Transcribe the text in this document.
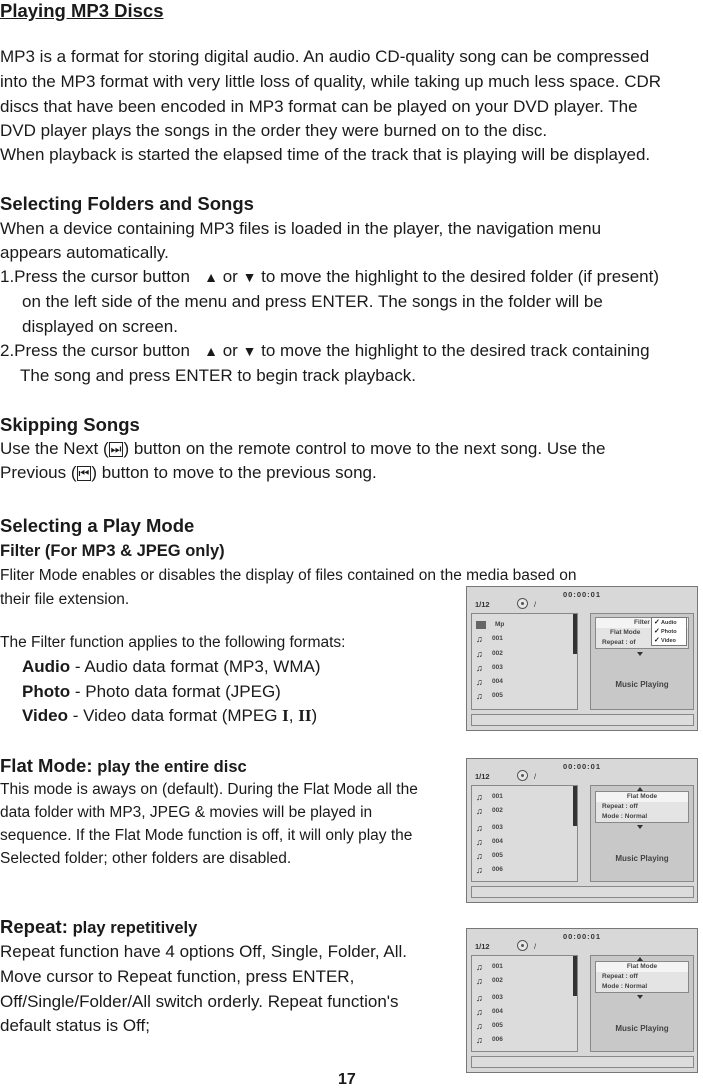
Playing MP3 Discs
MP3 is a format for storing digital audio. An audio CD-quality song can be compressed
into the MP3 format with very little loss of quality, while taking up much less space. CDR
discs that have been encoded in MP3 format can be played on your DVD player. The
DVD player plays the songs in the order they were burned on to the disc.
When playback is started the elapsed time of the track that is playing will be displayed.
Selecting Folders and Songs
When a device containing MP3 files is loaded in the player, the navigation menu
appears automatically.
1.Press the cursor button ▲ or ▼ to move the highlight to the desired folder (if present)
on the left side of the menu and press ENTER. The songs in the folder will be
displayed on screen.
2.Press the cursor button ▲ or ▼ to move the highlight to the desired track containing
The song and press ENTER to begin track playback.
Skipping Songs
Use the Next ( ⏭ ) button on the remote control to move to the next song. Use the
Previous ( ⏮ ) button to move to the previous song.
Selecting a Play Mode
Filter (For MP3 & JPEG only)
Fliter Mode enables or disables the display of files contained on the media based on
their file extension.
The Filter function applies to the following formats:
Audio - Audio data format (MP3, WMA)
Photo - Photo data format (JPEG)
Video - Video data format (MPEG I, II)
Flat Mode: play the entire disc
This mode is aways on (default). During the Flat Mode all the
data folder with MP3, JPEG & movies will be played in
sequence. If the Flat Mode function is off, it will only play the
Selected folder; other folders are disabled.
Repeat: play repetitively
Repeat function have 4 options Off, Single, Folder, All.
Move cursor to Repeat function, press ENTER,
Off/Single/Folder/All switch orderly. Repeat function's
default status is Off;
00:00:01
1/12	/
Mp
♫	001
♫	002
♫	003
♫	004
♫	005
Filter
Flat Mode
Repeat : of
✓Audio
✓Photo
✓Video
Music Playing
00:00:01
1/12	/
♫	001
♫	002
♫	003
♫	004
♫	005
♫	006
Flat Mode
Repeat : off
Mode : Normal
Music Playing
00:00:01
1/12	/
♫	001
♫	002
♫	003
♫	004
♫	005
♫	006
Flat Mode
Repeat : off
Mode : Normal
Music Playing
17
